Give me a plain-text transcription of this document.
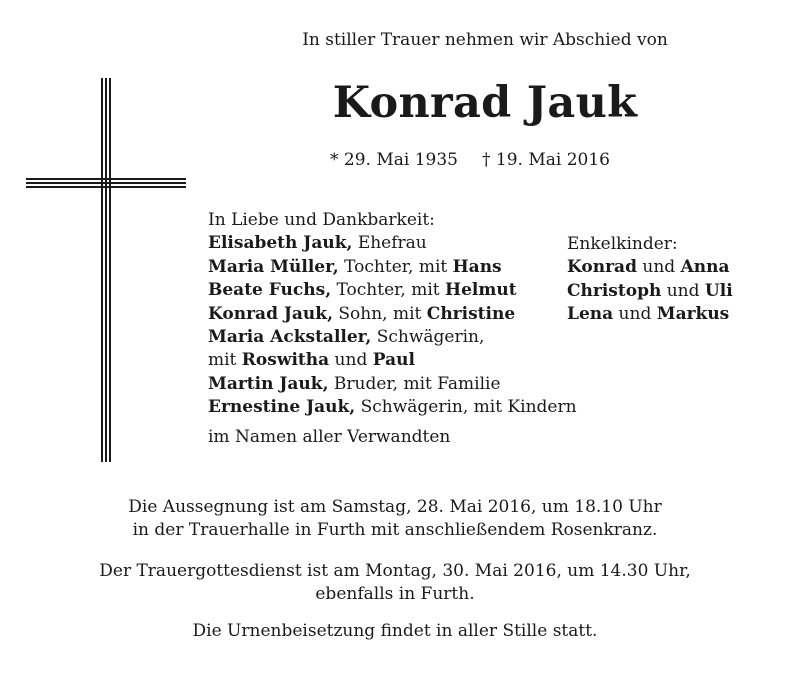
In stiller Trauer nehmen wir Abschied von
Konrad Jauk
* 29. Mai 1935 † 19. Mai 2016
In Liebe und Dankbarkeit:
Elisabeth Jauk, Ehefrau
Maria Müller, Tochter, mit Hans
Beate Fuchs, Tochter, mit Helmut
Konrad Jauk, Sohn, mit Christine
Maria Ackstaller, Schwägerin,
mit Roswitha und Paul
Martin Jauk, Bruder, mit Familie
Ernestine Jauk, Schwägerin, mit Kindern
im Namen aller Verwandten
Enkelkinder:
Konrad und Anna
Christoph und Uli
Lena und Markus
Die Aussegnung ist am Samstag, 28. Mai 2016, um 18.10 Uhr
in der Trauerhalle in Furth mit anschließendem Rosenkranz.
Der Trauergottesdienst ist am Montag, 30. Mai 2016, um 14.30 Uhr,
ebenfalls in Furth.
Die Urnenbeisetzung findet in aller Stille statt.
